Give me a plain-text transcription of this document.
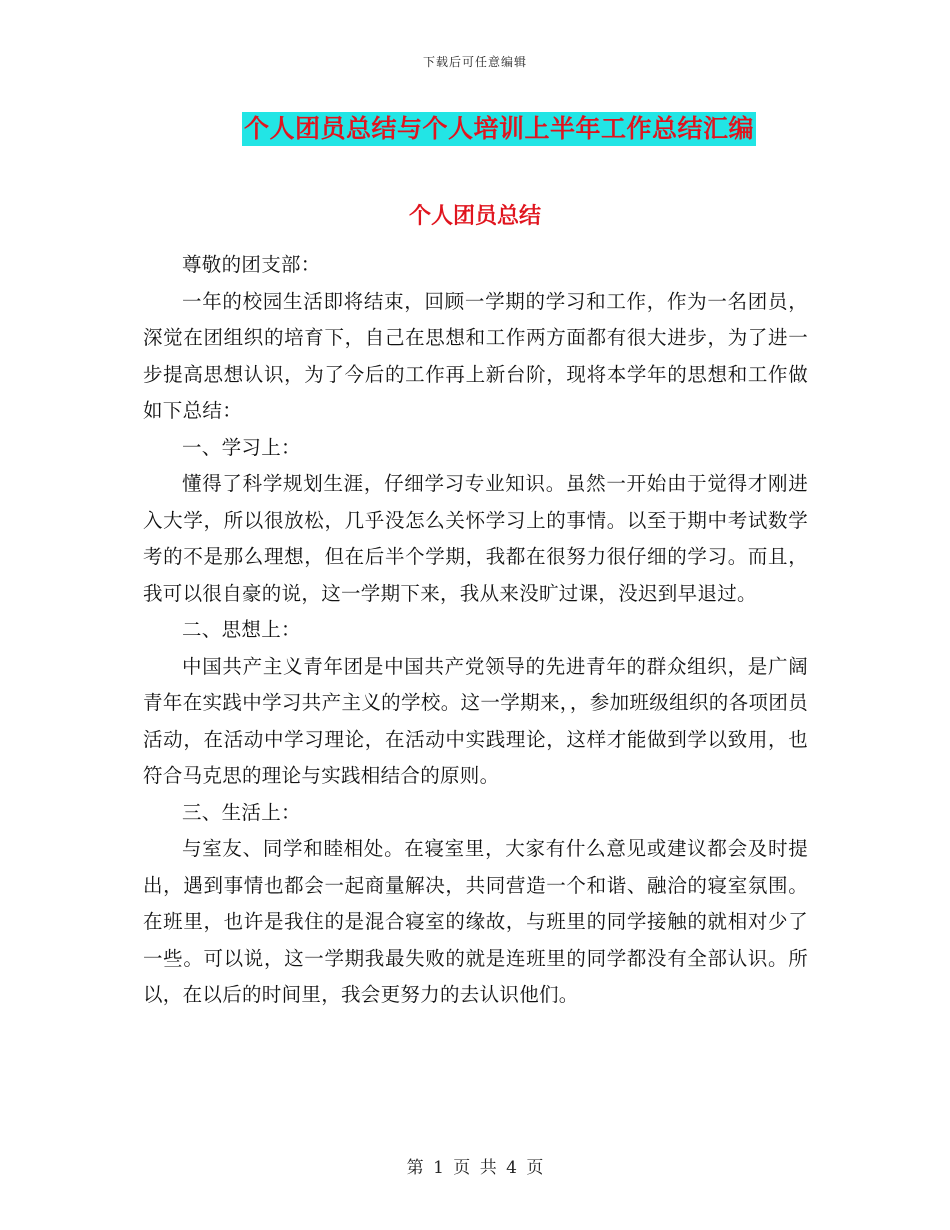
下载后可任意编辑
个人团员总结与个人培训上半年工作总结汇编
个人团员总结

尊敬的团支部：

一年的校园生活即将结束，回顾一学期的学习和工作，作为一名团员，深觉在团组织的培育下，自己在思想和工作两方面都有很大进步，为了进一步提高思想认识，为了今后的工作再上新台阶，现将本学年的思想和工作做如下总结：

一、学习上：

懂得了科学规划生涯，仔细学习专业知识。虽然一开始由于觉得才刚进入大学，所以很放松，几乎没怎么关怀学习上的事情。以至于期中考试数学考的不是那么理想，但在后半个学期，我都在很努力很仔细的学习。而且，我可以很自豪的说，这一学期下来，我从来没旷过课，没迟到早退过。

二、思想上：

中国共产主义青年团是中国共产党领导的先进青年的群众组织，是广阔青年在实践中学习共产主义的学校。这一学期来，，参加班级组织的各项团员活动，在活动中学习理论，在活动中实践理论，这样才能做到学以致用，也符合马克思的理论与实践相结合的原则。

三、生活上：

与室友、同学和睦相处。在寝室里，大家有什么意见或建议都会及时提出，遇到事情也都会一起商量解决，共同营造一个和谐、融洽的寝室氛围。在班里，也许是我住的是混合寝室的缘故，与班里的同学接触的就相对少了一些。可以说，这一学期我最失败的就是连班里的同学都没有全部认识。所以，在以后的时间里，我会更努力的去认识他们。

第 1 页 共 4 页
